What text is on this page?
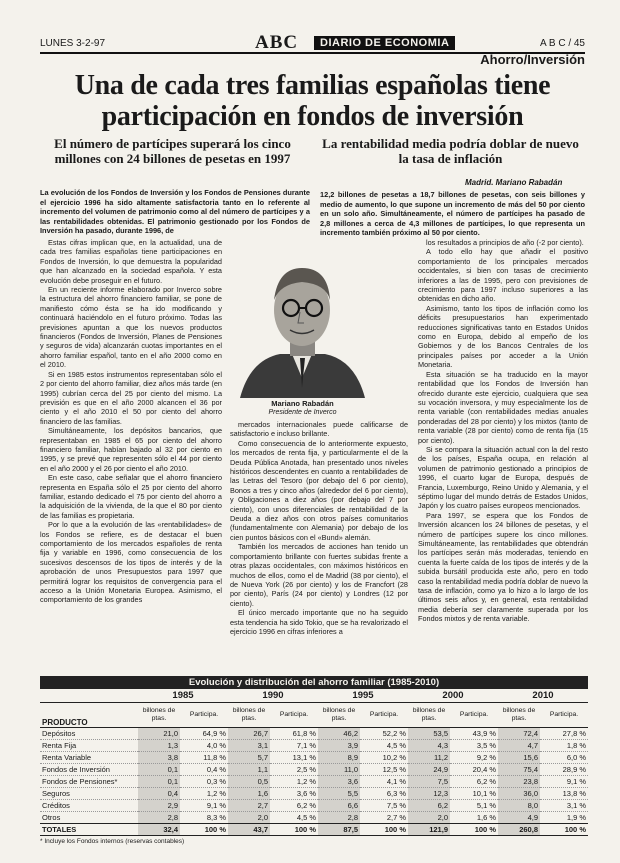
LUNES 3-2-97	ABC	DIARIO DE ECONOMIA	A B C / 45
Ahorro/Inversión
Una de cada tres familias españolas tiene participación en fondos de inversión

El número de partícipes superará los cinco millones con 24 billones de pesetas en 1997

La rentabilidad media podría doblar de nuevo la tasa de inflación

La evolución de los Fondos de Inversión y los Fondos de Pensiones durante el ejercicio 1996 ha sido altamente satisfactoria tanto en lo referente al incremento del volumen de patrimonio como al del número de partícipes y a las rentabilidades obtenidas. El patrimonio gestionado por los Fondos de Inversión ha pasado, durante 1996, de
Madrid. Mariano Rabadán
12,2 billones de pesetas a 18,7 billones de pesetas, con seis billones y medio de aumento, lo que supone un incremento de más del 50 por ciento en un solo año. Simultáneamente, el número de partícipes ha pasado de 2,8 millones a cerca de 4,3 millones de partícipes, lo que representa un incremento también próximo al 50 por ciento.

Estas cifras implican que, en la actualidad, una de cada tres familias españolas tiene participaciones en Fondos de Inversión, lo que demuestra la popularidad que han alcanzado en la sociedad española. Y esta evolución debe proseguir en el futuro.

En un reciente informe elaborado por Inverco sobre la estructura del ahorro financiero familiar, se pone de manifiesto cómo ésta se ha ido modificando y continuará haciéndolo en el futuro próximo. Todas las previsiones apuntan a que los nuevos productos financieros (Fondos de Inversión, Planes de Pensiones y seguros de vida) alcanzarán cuotas importantes en el ahorro familiar español, tanto en el año 2000 como en el 2010.

Si en 1985 estos instrumentos representaban sólo el 2 por ciento del ahorro familiar, diez años más tarde (en 1995) cubrían cerca del 25 por ciento del mismo. La previsión es que en el año 2000 alcancen el 36 por ciento y el año 2010 el 50 por ciento del ahorro financiero de las familias.

Simultáneamente, los depósitos bancarios, que representaban en 1985 el 65 por ciento del ahorro financiero familiar, habían bajado al 32 por ciento en 1995, y se prevé que representen sólo el 44 por ciento en el año 2000 y el 26 por ciento el año 2010.

En este caso, cabe señalar que el ahorro financiero representa en España sólo el 25 por ciento del ahorro familiar, estando dedicado el 75 por ciento del ahorro a la adquisición de la vivienda, de la que el 80 por ciento de las familias es propietaria.

Por lo que a la evolución de las «rentabilidades» de los Fondos se refiere, es de destacar el buen comportamiento de los mercados españoles de renta fija y variable en 1996, como consecuencia de los sucesivos descensos de los tipos de interés y de la aprobación de unos Presupuestos para 1997 que permitirá lograr los requisitos de convergencia para el acceso a la Unión Monetaria Europea. Asimismo, el comportamiento de los grandes

Mariano Rabadán
Presidente de Inverco

mercados internacionales puede calificarse de satisfactorio e incluso brillante.

Como consecuencia de lo anteriormente expuesto, los mercados de renta fija, y particularmente el de la Deuda Pública Anotada, han presentado unos niveles históricos descendentes en cuanto a rentabilidades de las Letras del Tesoro (por debajo del 6 por ciento), Bonos a tres y cinco años (alrededor del 6 por ciento), y Obligaciones a diez años (por debajo del 7 por ciento), con unos diferenciales de rentabilidad de la Deuda a diez años con otros países comunitarios (fundamentalmente con Alemania) por debajo de los cien puntos básicos con el «Bund» alemán.

También los mercados de acciones han tenido un comportamiento brillante con fuertes subidas frente a otras plazas occidentales, con máximos históricos en muchos de ellos, como el de Madrid (38 por ciento), el de Nueva York (26 por ciento) y los de Francfort (28 por ciento), París (24 por ciento) y Londres (12 por ciento).

El único mercado importante que no ha seguido esta tendencia ha sido Tokio, que se ha revalorizado el ejercicio 1996 en cifras inferiores a

los resultados a principios de año (-2 por ciento).

A todo ello hay que añadir el positivo comportamiento de los principales mercados occidentales, si bien con tasas de crecimiento inferiores a las de 1995, pero con previsiones de crecimiento para 1997 incluso superiores a las obtenidas en dicho año.

Asimismo, tanto los tipos de inflación como los déficits presupuestarios han experimentado reducciones significativas tanto en Estados Unidos como en Europa, debido al empeño de los Gobiernos y de los Bancos Centrales de los principales países por acceder a la Unión Monetaria.

Esta situación se ha traducido en la mayor rentabilidad que los Fondos de Inversión han ofrecido durante este ejercicio, cualquiera que sea su vocación inversora, y muy especialmente los de renta variable (con rentabilidades medias anuales ponderadas del 28 por ciento) y los mixtos (tanto de renta variable (28 por ciento) como de renta fija (15 por ciento).

Si se compara la situación actual con la del resto de los países, España ocupa, en relación al volumen de patrimonio gestionado a principios de 1996, el cuarto lugar de Europa, después de Francia, Luxemburgo, Reino Unido y Alemania, y el séptimo lugar del mundo detrás de Estados Unidos, Japón y los cuatro países europeos mencionados.

Para 1997, se espera que los Fondos de Inversión alcancen los 24 billones de pesetas, y el número de partícipes supere los cinco millones. Simultáneamente, las rentabilidades que obtendrán los partícipes serán más moderadas, teniendo en cuenta la fuerte caída de los tipos de interés y de la subida bursátil producida este año, pero en todo caso la rentabilidad media podría doblar de nuevo la tasa de inflación, como ya lo hizo a lo largo de los últimos seis años y, en general, esta rentabilidad media debería ser claramente superada por los Fondos mixtos y de renta variable.

Evolución y distribución del ahorro familiar (1985-2010)
	1985		1990		1995		2000		2010	
PRODUCTO	billones de ptas.	Participa.	billones de ptas.	Participa.	billones de ptas.	Participa.	billones de ptas.	Participa.	billones de ptas.	Participa.
Depósitos	21,0	64,9 %	26,7	61,8 %	46,2	52,2 %	53,5	43,9 %	72,4	27,8 %
Renta Fija	1,3	4,0 %	3,1	7,1 %	3,9	4,5 %	4,3	3,5 %	4,7	1,8 %
Renta Variable	3,8	11,8 %	5,7	13,1 %	8,9	10,2 %	11,2	9,2 %	15,6	6,0 %
Fondos de Inversión	0,1	0,4 %	1,1	2,5 %	11,0	12,5 %	24,9	20,4 %	75,4	28,9 %
Fondos de Pensiones*	0,1	0,3 %	0,5	1,2 %	3,6	4,1 %	7,5	6,2 %	23,8	9,1 %
Seguros	0,4	1,2 %	1,6	3,6 %	5,5	6,3 %	12,3	10,1 %	36,0	13,8 %
Créditos	2,9	9,1 %	2,7	6,2 %	6,6	7,5 %	6,2	5,1 %	8,0	3,1 %
Otros	2,8	8,3 %	2,0	4,5 %	2,8	2,7 %	2,0	1,6 %	4,9	1,9 %
TOTALES	32,4	100 %	43,7	100 %	87,5	100 %	121,9	100 %	260,8	100 %
* Incluye los Fondos internos (reservas contables)
